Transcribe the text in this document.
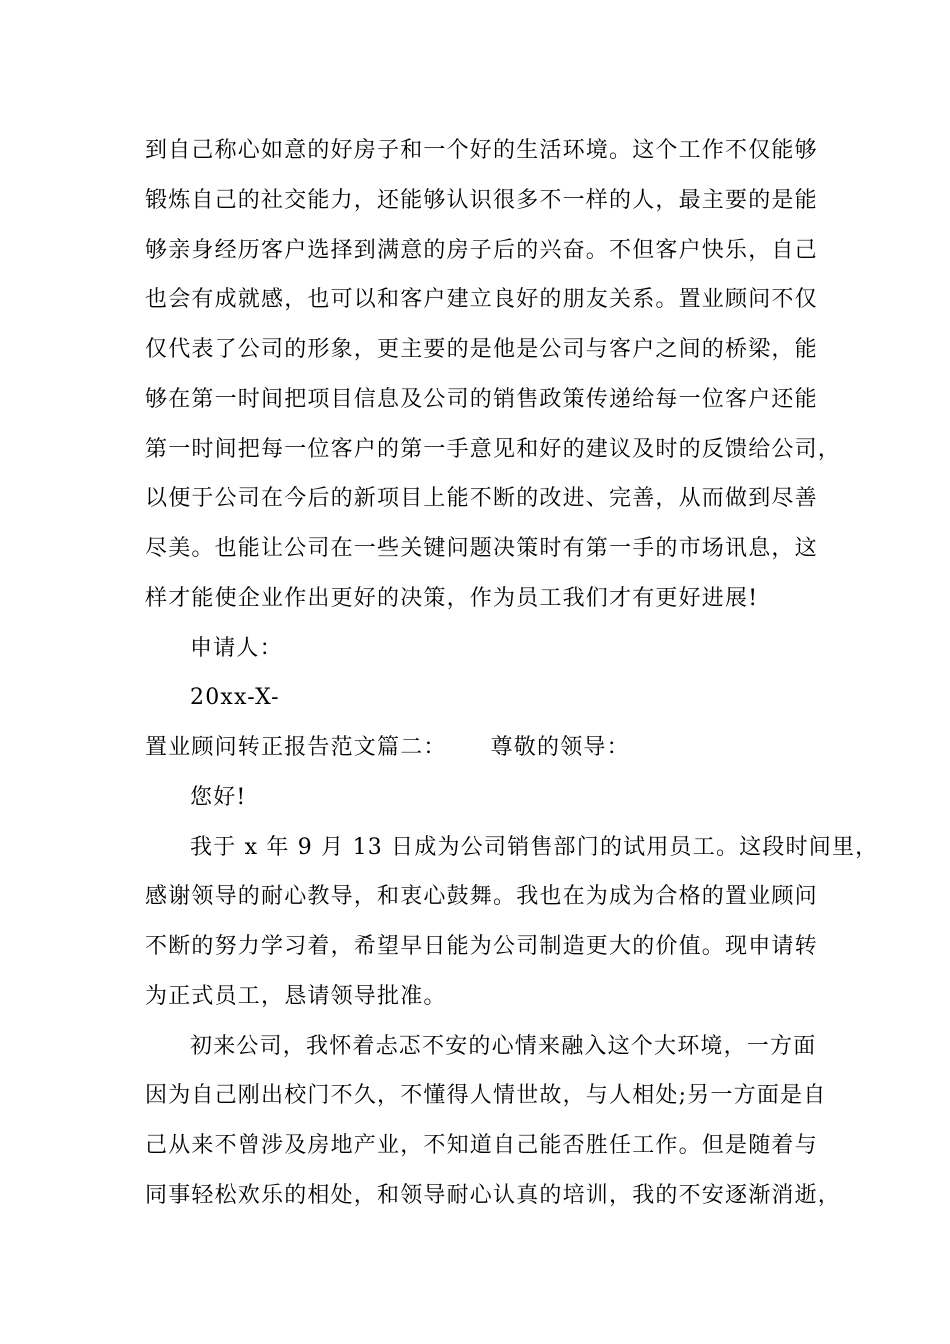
到自己称心如意的好房子和一个好的生活环境。这个工作不仅能够
锻炼自己的社交能力，还能够认识很多不一样的人，最主要的是能
够亲身经历客户选择到满意的房子后的兴奋。不但客户快乐，自己
也会有成就感，也可以和客户建立良好的朋友关系。置业顾问不仅
仅代表了公司的形象，更主要的是他是公司与客户之间的桥梁，能
够在第一时间把项目信息及公司的销售政策传递给每一位客户还能
第一时间把每一位客户的第一手意见和好的建议及时的反馈给公司，
以便于公司在今后的新项目上能不断的改进、完善，从而做到尽善
尽美。也能让公司在一些关键问题决策时有第一手的市场讯息，这
样才能使企业作出更好的决策，作为员工我们才有更好进展!
申请人：
20xx-X-
置业顾问转正报告范文篇二： 尊敬的领导：
您好!
我于 x 年 9 月 13 日成为公司销售部门的试用员工。这段时间里，
感谢领导的耐心教导，和衷心鼓舞。我也在为成为合格的置业顾问
不断的努力学习着，希望早日能为公司制造更大的价值。现申请转
为正式员工，恳请领导批准。
初来公司，我怀着忐忑不安的心情来融入这个大环境，一方面
因为自己刚出校门不久，不懂得人情世故，与人相处;另一方面是自
己从来不曾涉及房地产业，不知道自己能否胜任工作。但是随着与
同事轻松欢乐的相处，和领导耐心认真的培训，我的不安逐渐消逝，
